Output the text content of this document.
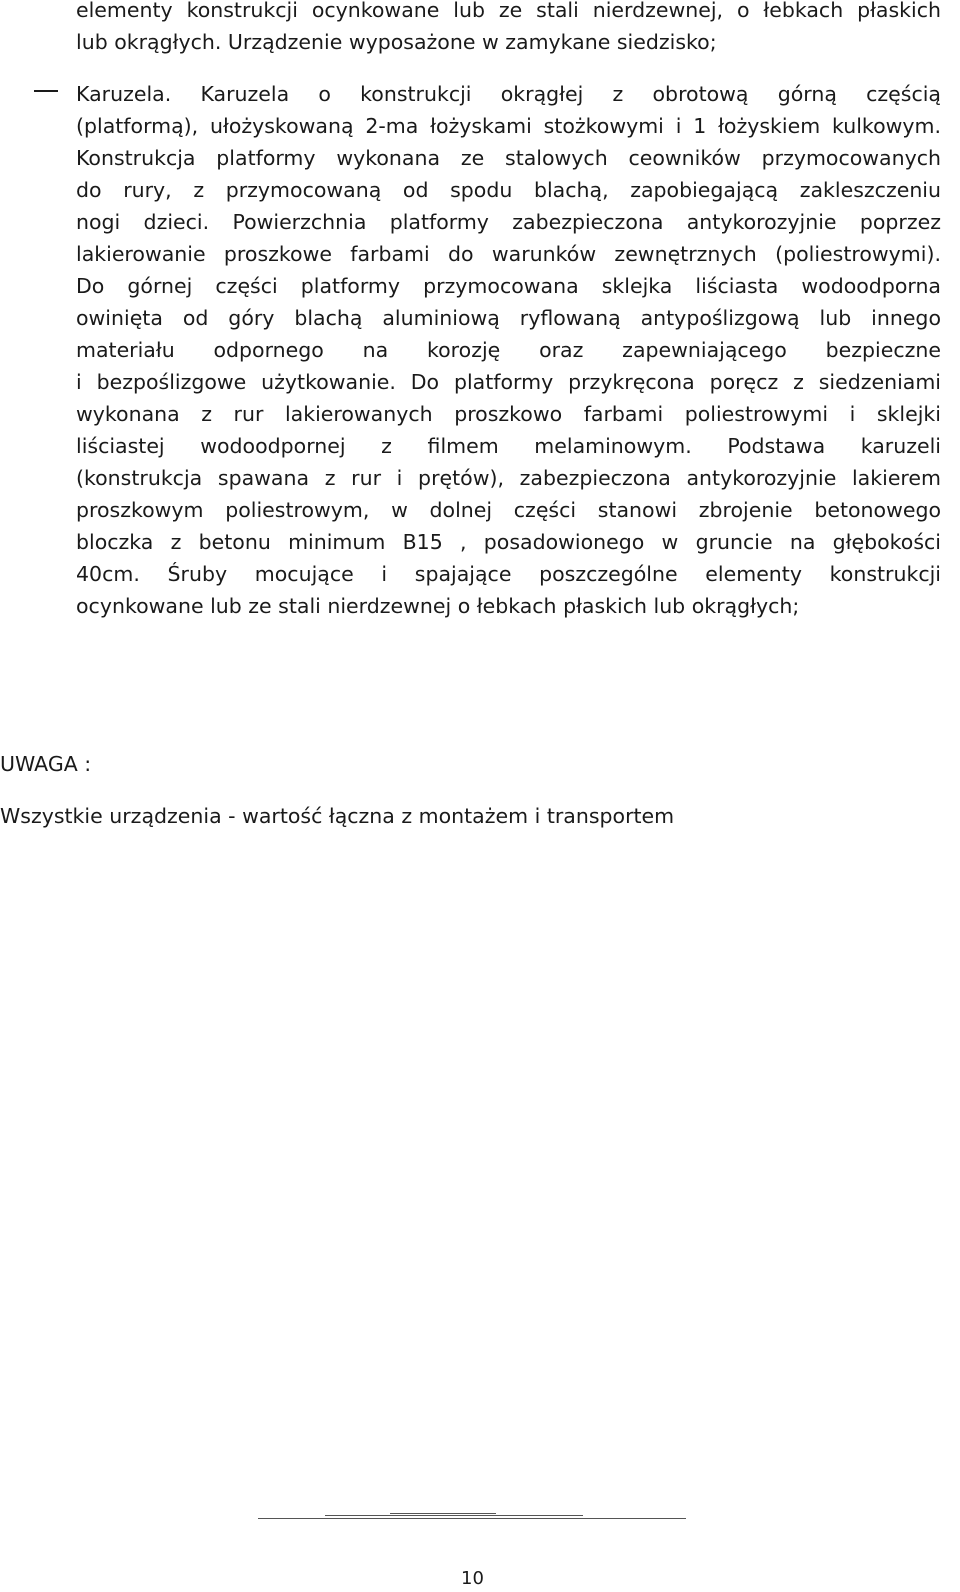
elementy konstrukcji ocynkowane lub ze stali nierdzewnej, o łebkach płaskich
lub okrągłych. Urządzenie wyposażone w zamykane siedzisko;
Karuzela. Karuzela o konstrukcji okrągłej z obrotową górną częścią
(platformą), ułożyskowaną 2-ma łożyskami stożkowymi i 1 łożyskiem kulkowym.
Konstrukcja platformy wykonana ze stalowych ceowników przymocowanych
do rury, z przymocowaną od spodu blachą, zapobiegającą zakleszczeniu
nogi dzieci. Powierzchnia platformy zabezpieczona antykorozyjnie poprzez
lakierowanie proszkowe farbami do warunków zewnętrznych (poliestrowymi).
Do górnej części platformy przymocowana sklejka liściasta wodoodporna
owinięta od góry blachą aluminiową ryflowaną antypoślizgową lub innego
materiału odpornego na korozję oraz zapewniającego bezpieczne
i bezpoślizgowe użytkowanie. Do platformy przykręcona poręcz z siedzeniami
wykonana z rur lakierowanych proszkowo farbami poliestrowymi i sklejki
liściastej wodoodpornej z filmem melaminowym. Podstawa karuzeli
(konstrukcja spawana z rur i prętów), zabezpieczona antykorozyjnie lakierem
proszkowym poliestrowym, w dolnej części stanowi zbrojenie betonowego
bloczka z betonu minimum B15 , posadowionego w gruncie na głębokości
40cm. Śruby mocujące i spajające poszczególne elementy konstrukcji
ocynkowane lub ze stali nierdzewnej o łebkach płaskich lub okrągłych;
UWAGA :
Wszystkie urządzenia - wartość łączna z montażem i transportem
10
